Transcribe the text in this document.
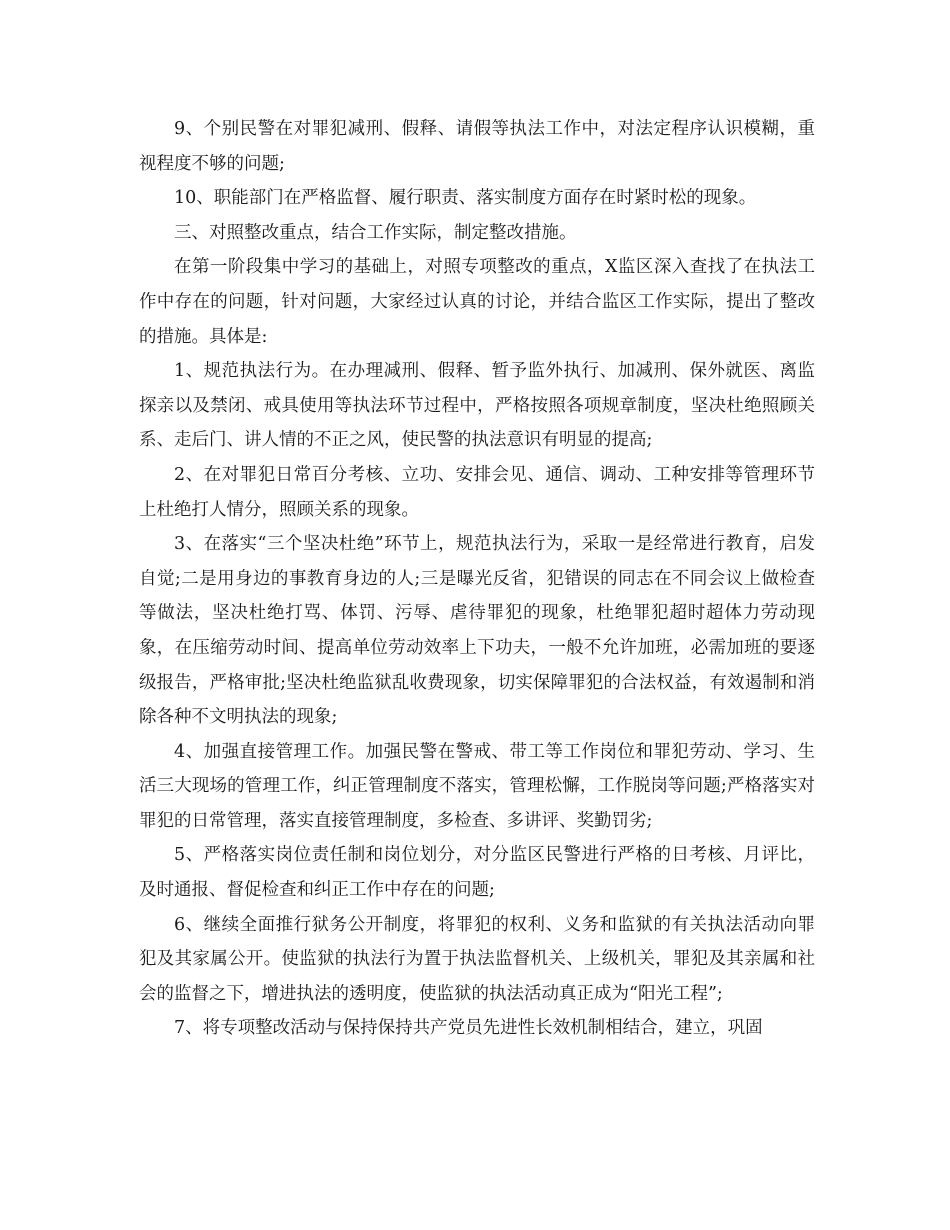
9、个别民警在对罪犯减刑、假释、请假等执法工作中，对法定程序认识模糊，重视程度不够的问题;

10、职能部门在严格监督、履行职责、落实制度方面存在时紧时松的现象。

三、对照整改重点，结合工作实际，制定整改措施。

在第一阶段集中学习的基础上，对照专项整改的重点，X监区深入查找了在执法工作中存在的问题，针对问题，大家经过认真的讨论，并结合监区工作实际，提出了整改的措施。具体是:

1、规范执法行为。在办理减刑、假释、暂予监外执行、加减刑、保外就医、离监探亲以及禁闭、戒具使用等执法环节过程中，严格按照各项规章制度，坚决杜绝照顾关系、走后门、讲人情的不正之风，使民警的执法意识有明显的提高;

2、在对罪犯日常百分考核、立功、安排会见、通信、调动、工种安排等管理环节上杜绝打人情分，照顾关系的现象。

3、在落实“三个坚决杜绝”环节上，规范执法行为，采取一是经常进行教育，启发自觉;二是用身边的事教育身边的人;三是曝光反省，犯错误的同志在不同会议上做检查等做法，坚决杜绝打骂、体罚、污辱、虐待罪犯的现象，杜绝罪犯超时超体力劳动现象，在压缩劳动时间、提高单位劳动效率上下功夫，一般不允许加班，必需加班的要逐级报告，严格审批;坚决杜绝监狱乱收费现象，切实保障罪犯的合法权益，有效遏制和消除各种不文明执法的现象;

4、加强直接管理工作。加强民警在警戒、带工等工作岗位和罪犯劳动、学习、生活三大现场的管理工作，纠正管理制度不落实，管理松懈，工作脱岗等问题;严格落实对罪犯的日常管理，落实直接管理制度，多检查、多讲评、奖勤罚劣;

5、严格落实岗位责任制和岗位划分，对分监区民警进行严格的日考核、月评比，及时通报、督促检查和纠正工作中存在的问题;

6、继续全面推行狱务公开制度，将罪犯的权利、义务和监狱的有关执法活动向罪犯及其家属公开。使监狱的执法行为置于执法监督机关、上级机关，罪犯及其亲属和社会的监督之下，增进执法的透明度，使监狱的执法活动真正成为“阳光工程”;

7、将专项整改活动与保持保持共产党员先进性长效机制相结合，建立，巩固
